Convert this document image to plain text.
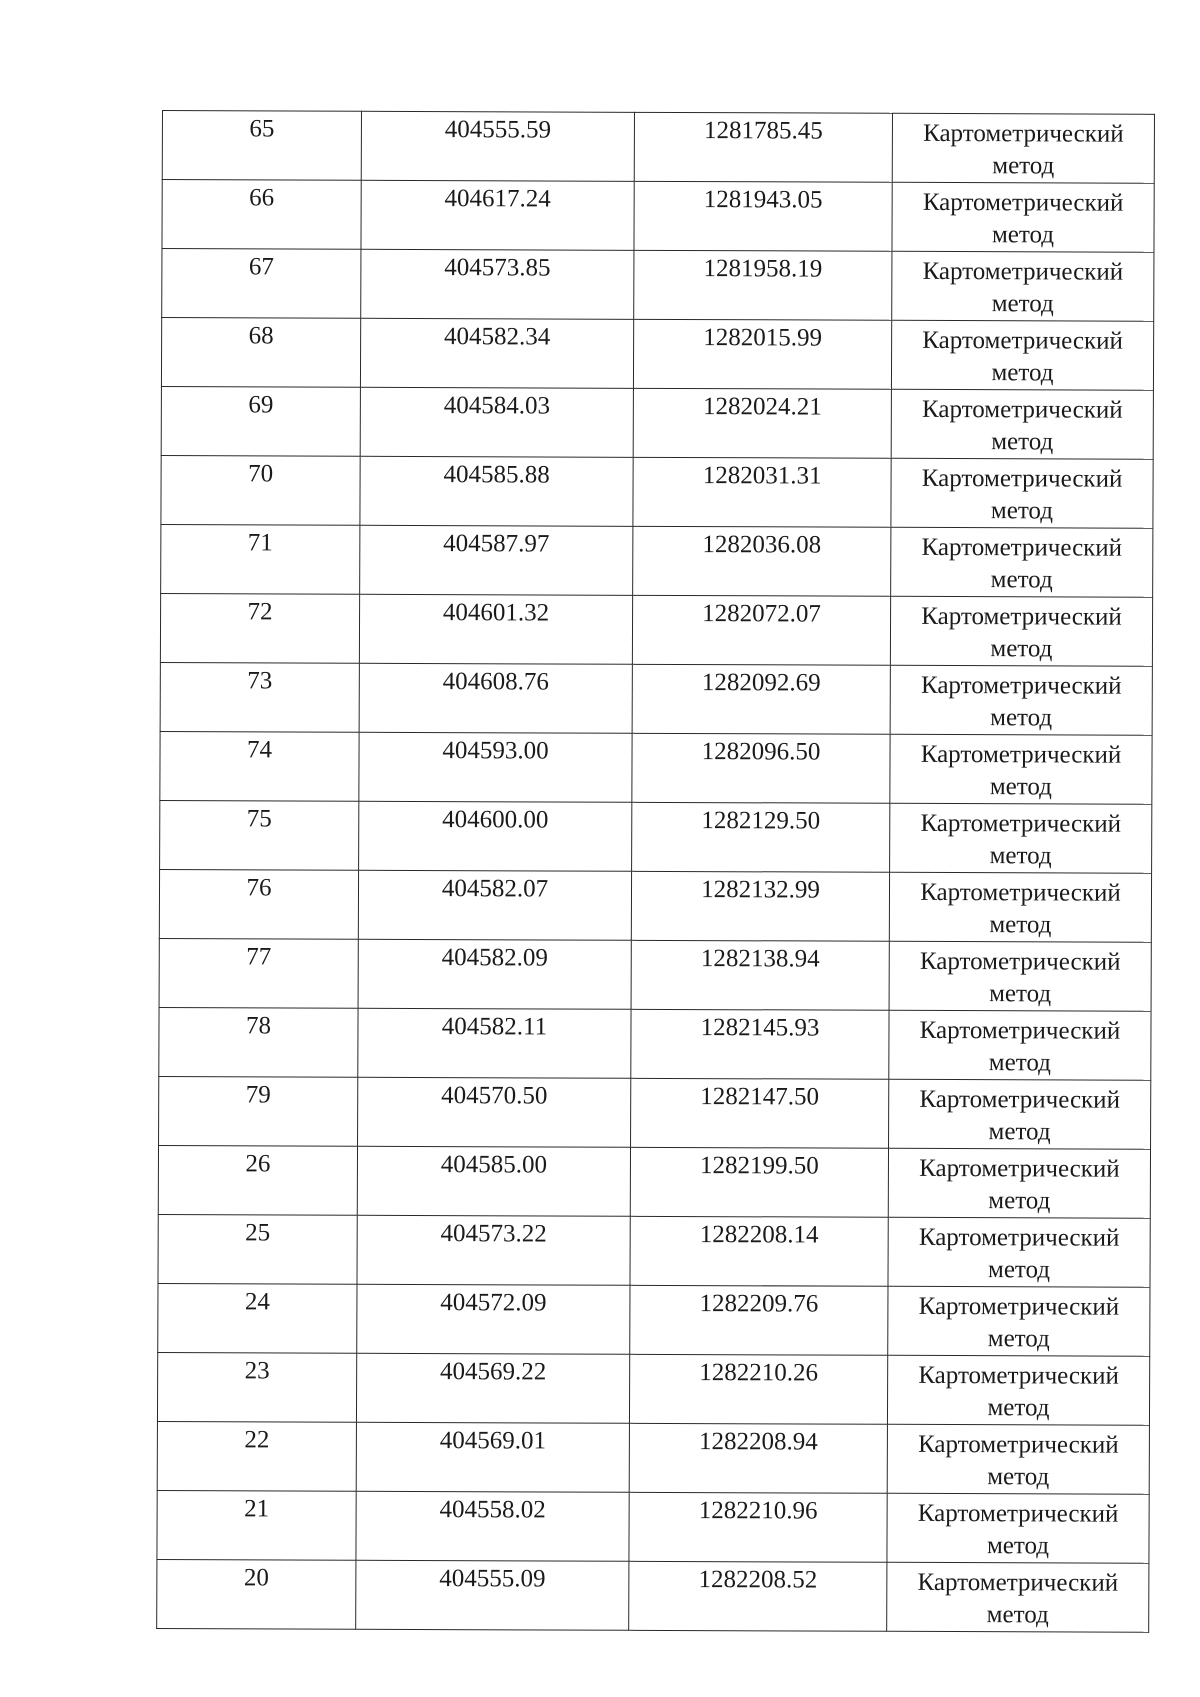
65	404555.59	1281785.45	Картометрический метод

66	404617.24	1281943.05	Картометрический метод

67	404573.85	1281958.19	Картометрический метод

68	404582.34	1282015.99	Картометрический метод

69	404584.03	1282024.21	Картометрический метод

70	404585.88	1282031.31	Картометрический метод

71	404587.97	1282036.08	Картометрический метод

72	404601.32	1282072.07	Картометрический метод

73	404608.76	1282092.69	Картометрический метод

74	404593.00	1282096.50	Картометрический метод

75	404600.00	1282129.50	Картометрический метод

76	404582.07	1282132.99	Картометрический метод

77	404582.09	1282138.94	Картометрический метод

78	404582.11	1282145.93	Картометрический метод

79	404570.50	1282147.50	Картометрический метод

26	404585.00	1282199.50	Картометрический метод

25	404573.22	1282208.14	Картометрический метод

24	404572.09	1282209.76	Картометрический метод

23	404569.22	1282210.26	Картометрический метод

22	404569.01	1282208.94	Картометрический метод

21	404558.02	1282210.96	Картометрический метод

20	404555.09	1282208.52	Картометрический метод
